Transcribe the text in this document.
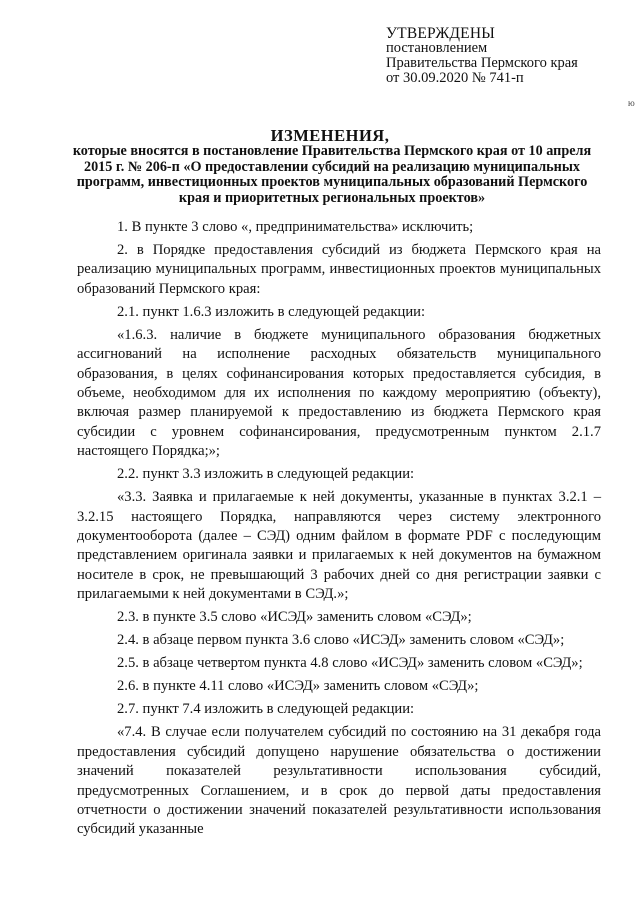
УТВЕРЖДЕНЫ
постановлением
Правительства Пермского края
от 30.09.2020 № 741-п
ю
ИЗМЕНЕНИЯ,
которые вносятся в постановление Правительства Пермского края от 10 апреля 2015 г. № 206-п «О предоставлении субсидий на реализацию муниципальных программ, инвестиционных проектов муниципальных образований Пермского края и приоритетных региональных проектов»

1. В пункте 3 слово «, предпринимательства» исключить;

2. в Порядке предоставления субсидий из бюджета Пермского края на реализацию муниципальных программ, инвестиционных проектов муниципальных образований Пермского края:

2.1. пункт 1.6.3 изложить в следующей редакции:

«1.6.3. наличие в бюджете муниципального образования бюджетных ассигнований на исполнение расходных обязательств муниципального образования, в целях софинансирования которых предоставляется субсидия, в объеме, необходимом для их исполнения по каждому мероприятию (объекту), включая размер планируемой к предоставлению из бюджета Пермского края субсидии с уровнем софинансирования, предусмотренным пунктом 2.1.7 настоящего Порядка;»;

2.2. пункт 3.3 изложить в следующей редакции:

«3.3. Заявка и прилагаемые к ней документы, указанные в пунктах 3.2.1 – 3.2.15 настоящего Порядка, направляются через систему электронного документооборота (далее – СЭД) одним файлом в формате PDF с последующим представлением оригинала заявки и прилагаемых к ней документов на бумажном носителе в срок, не превышающий 3 рабочих дней со дня регистрации заявки с прилагаемыми к ней документами в СЭД.»;

2.3. в пункте 3.5 слово «ИСЭД» заменить словом «СЭД»;

2.4. в абзаце первом пункта 3.6 слово «ИСЭД» заменить словом «СЭД»;

2.5. в абзаце четвертом пункта 4.8 слово «ИСЭД» заменить словом «СЭД»;

2.6. в пункте 4.11 слово «ИСЭД» заменить словом «СЭД»;

2.7. пункт 7.4 изложить в следующей редакции:

«7.4. В случае если получателем субсидий по состоянию на 31 декабря года предоставления субсидий допущено нарушение обязательства о достижении значений показателей результативности использования субсидий, предусмотренных Соглашением, и в срок до первой даты предоставления отчетности о достижении значений показателей результативности использования субсидий указанные
